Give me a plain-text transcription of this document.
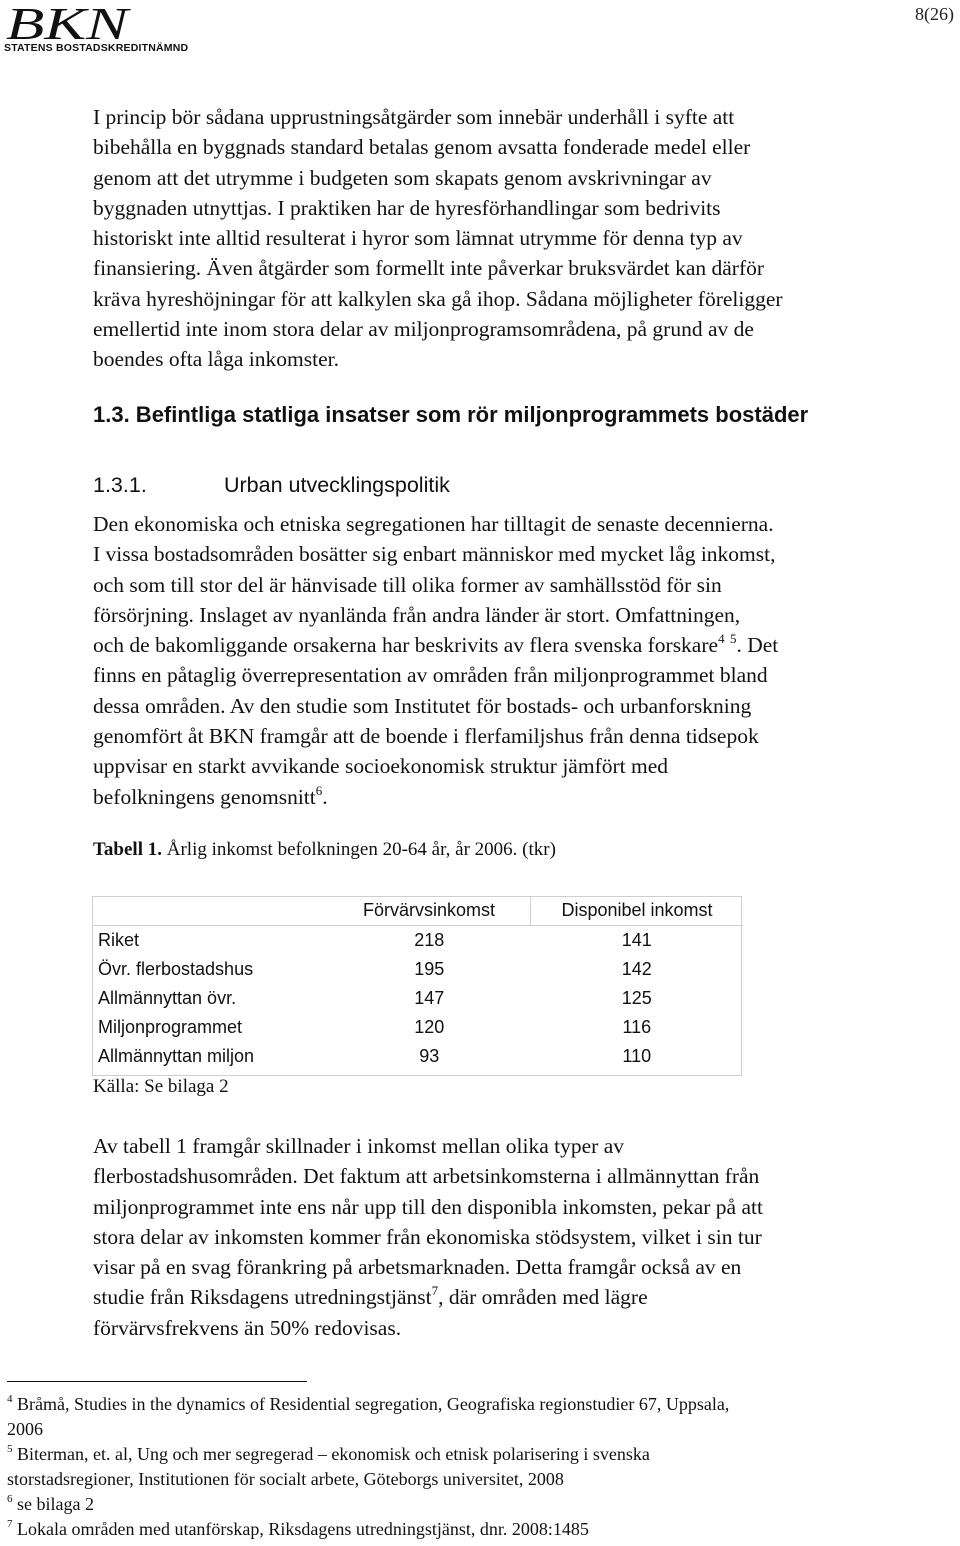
BKN
STATENS BOSTADSKREDITNÄMND
8(26)

I princip bör sådana upprustningsåtgärder som innebär underhåll i syfte att
bibehålla en byggnads standard betalas genom avsatta fonderade medel eller
genom att det utrymme i budgeten som skapats genom avskrivningar av
byggnaden utnyttjas. I praktiken har de hyresförhandlingar som bedrivits
historiskt inte alltid resulterat i hyror som lämnat utrymme för denna typ av
finansiering. Även åtgärder som formellt inte påverkar bruksvärdet kan därför
kräva hyreshöjningar för att kalkylen ska gå ihop. Sådana möjligheter föreligger
emellertid inte inom stora delar av miljonprogramsområdena, på grund av de
boendes ofta låga inkomster.

1.3. Befintliga statliga insatser som rör miljonprogrammets bostäder
1.3.1.	Urban utvecklingspolitik

Den ekonomiska och etniska segregationen har tilltagit de senaste decennierna.
I vissa bostadsområden bosätter sig enbart människor med mycket låg inkomst,
och som till stor del är hänvisade till olika former av samhällsstöd för sin
försörjning. Inslaget av nyanlända från andra länder är stort. Omfattningen,
och de bakomliggande orsakerna har beskrivits av flera svenska forskare$^4$ $^5$. Det
finns en påtaglig överrepresentation av områden från miljonprogrammet bland
dessa områden. Av den studie som Institutet för bostads- och urbanforskning
genomfört åt BKN framgår att de boende i flerfamiljshus från denna tidsepok
uppvisar en starkt avvikande socioekonomisk struktur jämfört med
befolkningens genomsnitt$^6$.

Tabell 1. Årlig inkomst befolkningen 20-64 år, år 2006. (tkr)

	Förvärvsinkomst	Disponibel inkomst
Riket	218	141
Övr. flerbostadshus	195	142
Allmännyttan övr.	147	125
Miljonprogrammet	120	116
Allmännyttan miljon	93	110

Källa: Se bilaga 2

Av tabell 1 framgår skillnader i inkomst mellan olika typer av
flerbostadshusområden. Det faktum att arbetsinkomsterna i allmännyttan från
miljonprogrammet inte ens når upp till den disponibla inkomsten, pekar på att
stora delar av inkomsten kommer från ekonomiska stödsystem, vilket i sin tur
visar på en svag förankring på arbetsmarknaden. Detta framgår också av en
studie från Riksdagens utredningstjänst$^7$, där områden med lägre
förvärvsfrekvens än 50% redovisas.

$^4$ Bråmå, Studies in the dynamics of Residential segregation, Geografiska regionstudier 67, Uppsala,
2006
$^5$ Biterman, et. al, Ung och mer segregerad – ekonomisk och etnisk polarisering i svenska
storstadsregioner, Institutionen för socialt arbete, Göteborgs universitet, 2008
$^6$ se bilaga 2
$^7$ Lokala områden med utanförskap, Riksdagens utredningstjänst, dnr. 2008:1485
